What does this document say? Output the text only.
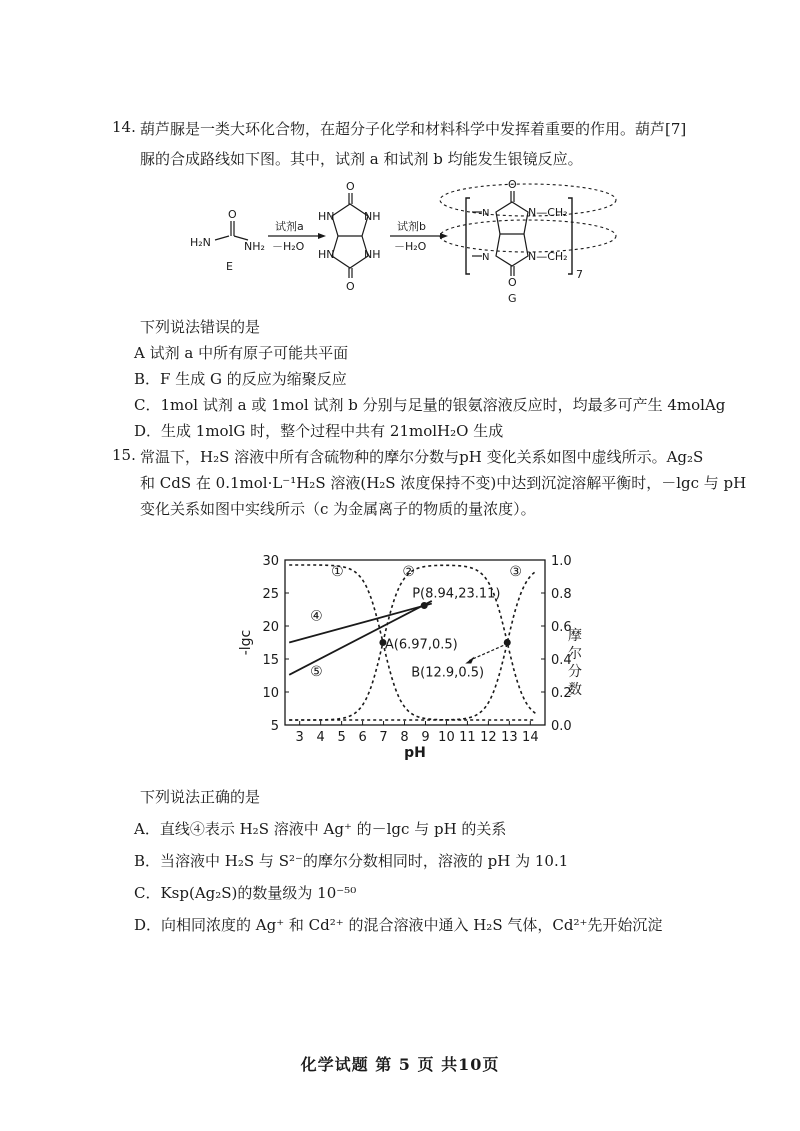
14. 葫芦脲是一类大环化合物，在超分子化学和材料科学中发挥着重要的作用。葫芦[7]
脲的合成路线如下图。其中，试剂 a 和试剂 b 均能发生银镜反应。
O
H₂N	NH₂
E
试剂a
－H₂O
O
O
HN	NH
HN	NH
试剂b
－H₂O
7
O
O
N
N
N—CH₂
N—CH₂
G
下列说法错误的是
A 试剂 a 中所有原子可能共平面
B．F 生成 G 的反应为缩聚反应
C．1mol 试剂 a 或 1mol 试剂 b 分别与足量的银氨溶液反应时，均最多可产生 4molAg
D．生成 1molG 时，整个过程中共有 21molH₂O 生成
15. 常温下，H₂S 溶液中所有含硫物种的摩尔分数与pH 变化关系如图中虚线所示。Ag₂S
和 CdS 在 0.1mol·L⁻¹H₂S 溶液(H₂S 浓度保持不变)中达到沉淀溶解平衡时，－lgc 与 pH
变化关系如图中实线所示（c 为金属离子的物质的量浓度）。
3 4 5 6 7 8 9 10 11 12 13 14
5
10
15
20
25
30
0.0
0.2
0.4
0.6
0.8
1.0
pH
-lgc	摩尔分数
①	②	③
④
⑤
P(8.94,23.11)
A(6.97,0.5)
B(12.9,0.5)
下列说法正确的是
A．直线④表示 H₂S 溶液中 Ag⁺ 的－lgc 与 pH 的关系
B．当溶液中 H₂S 与 S²⁻的摩尔分数相同时，溶液的 pH 为 10.1
C．Ksp(Ag₂S)的数量级为 10⁻⁵⁰
D．向相同浓度的 Ag⁺ 和 Cd²⁺ 的混合溶液中通入 H₂S 气体，Cd²⁺先开始沉淀
化学试题 第 5 页 共10页
